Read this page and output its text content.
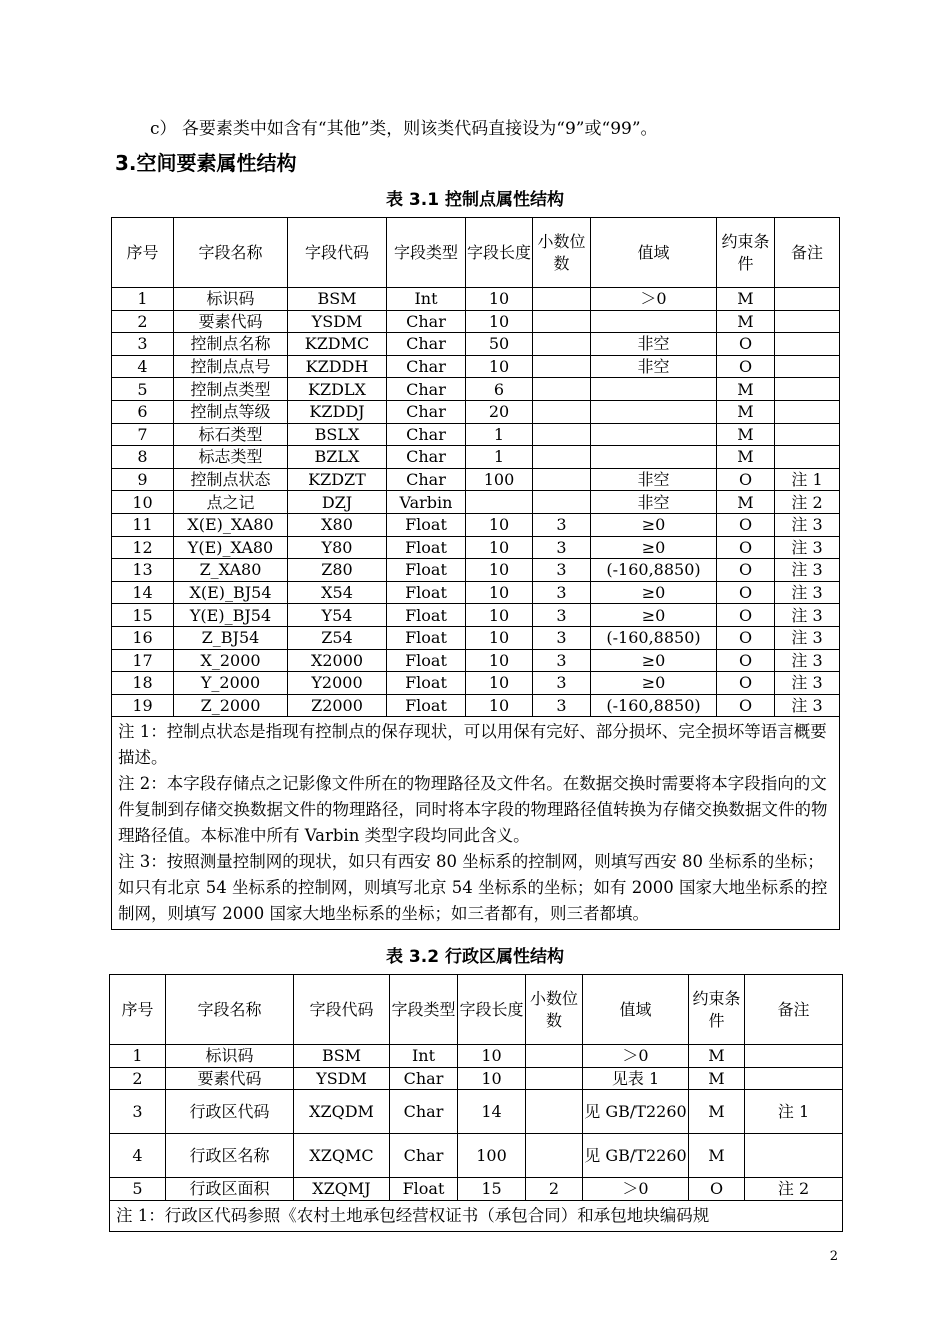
c） 各要素类中如含有“其他”类，则该类代码直接设为“9”或“99”。
3.空间要素属性结构
表 3.1 控制点属性结构
序号	字段名称	字段代码	字段类型	字段长度	小数位数	值域	约束条件	备注
1	标识码	BSM	Int	10		＞0	M	
2	要素代码	YSDM	Char	10			M	
3	控制点名称	KZDMC	Char	50		非空	O	
4	控制点点号	KZDDH	Char	10		非空	O	
5	控制点类型	KZDLX	Char	6			M	
6	控制点等级	KZDDJ	Char	20			M	
7	标石类型	BSLX	Char	1			M	
8	标志类型	BZLX	Char	1			M	
9	控制点状态	KZDZT	Char	100		非空	O	注 1
10	点之记	DZJ	Varbin			非空	M	注 2
11	X(E)_XA80	X80	Float	10	3	≥0	O	注 3
12	Y(E)_XA80	Y80	Float	10	3	≥0	O	注 3
13	Z_XA80	Z80	Float	10	3	(-160,8850)	O	注 3
14	X(E)_BJ54	X54	Float	10	3	≥0	O	注 3
15	Y(E)_BJ54	Y54	Float	10	3	≥0	O	注 3
16	Z_BJ54	Z54	Float	10	3	(-160,8850)	O	注 3
17	X_2000	X2000	Float	10	3	≥0	O	注 3
18	Y_2000	Y2000	Float	10	3	≥0	O	注 3
19	Z_2000	Z2000	Float	10	3	(-160,8850)	O	注 3

注 1：控制点状态是指现有控制点的保存现状，可以用保有完好、部分损坏、完全损坏等语言概要描述。
注 2：本字段存储点之记影像文件所在的物理路径及文件名。在数据交换时需要将本字段指向的文件复制到存储交换数据文件的物理路径，同时将本字段的物理路径值转换为存储交换数据文件的物理路径值。本标准中所有 Varbin 类型字段均同此含义。
注 3：按照测量控制网的现状，如只有西安 80 坐标系的控制网，则填写西安 80 坐标系的坐标；如只有北京 54 坐标系的控制网，则填写北京 54 坐标系的坐标；如有 2000 国家大地坐标系的控制网，则填写 2000 国家大地坐标系的坐标；如三者都有，则三者都填。								
表 3.2 行政区属性结构
序号	字段名称	字段代码	字段类型	字段长度	小数位数	值域	约束条件	备注
1	标识码	BSM	Int	10		＞0	M	
2	要素代码	YSDM	Char	10		见表 1	M	
3	行政区代码	XZQDM	Char	14		见 GB/T2260	M	注 1
4	行政区名称	XZQMC	Char	100		见 GB/T2260	M	
5	行政区面积	XZQMJ	Float	15	2	＞0	O	注 2

注 1：行政区代码参照《农村土地承包经营权证书（承包合同）和承包地块编码规								
2
